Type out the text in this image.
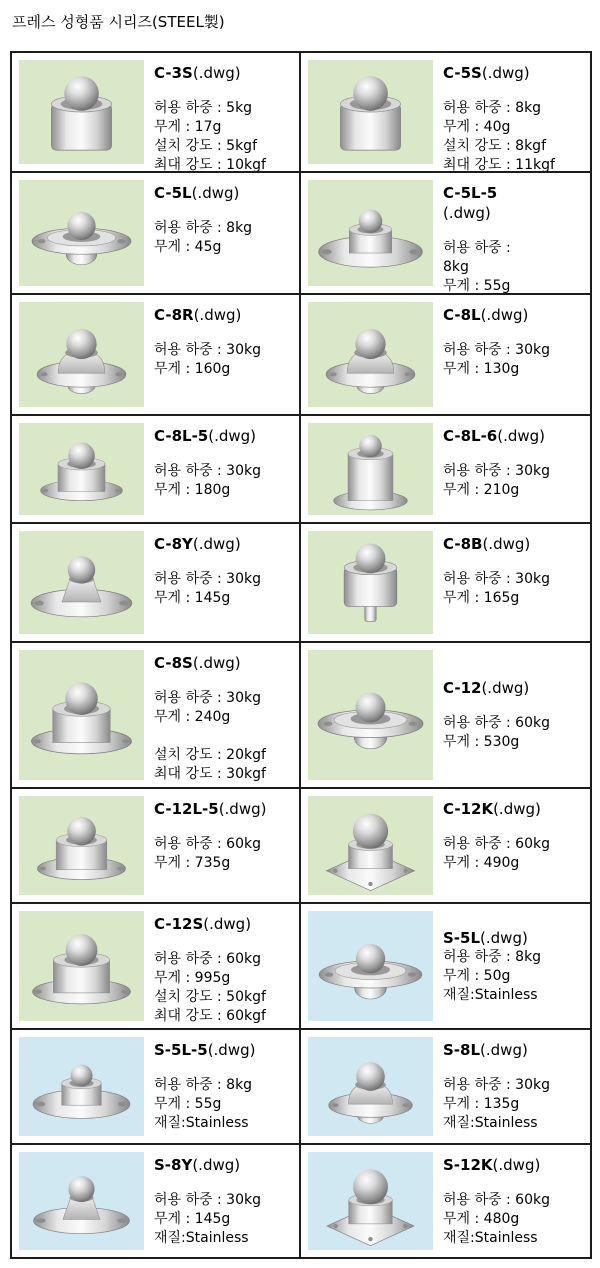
프레스 성형품 시리즈(STEEL製)
C-3S(.dwg)
허용 하중 : 5kg
무게 : 17g
설치 강도 : 5kgf
최대 강도 : 10kgf
C-5S(.dwg)
허용 하중 : 8kg
무게 : 40g
설치 강도 : 8kgf
최대 강도 : 11kgf
C-5L(.dwg)
허용 하중 : 8kg
무게 : 45g
C-5L-5
(.dwg)
허용 하중 :
8kg
무게 : 55g
C-8R(.dwg)
허용 하중 : 30kg
무게 : 160g
C-8L(.dwg)
허용 하중 : 30kg
무게 : 130g
C-8L-5(.dwg)
허용 하중 : 30kg
무게 : 180g
C-8L-6(.dwg)
허용 하중 : 30kg
무게 : 210g
C-8Y(.dwg)
허용 하중 : 30kg
무게 : 145g
C-8B(.dwg)
허용 하중 : 30kg
무게 : 165g
C-8S(.dwg)
허용 하중 : 30kg
무게 : 240g
설치 강도 : 20kgf
최대 강도 : 30kgf
C-12(.dwg)
허용 하중 : 60kg
무게 : 530g
C-12L-5(.dwg)
허용 하중 : 60kg
무게 : 735g
C-12K(.dwg)
허용 하중 : 60kg
무게 : 490g
C-12S(.dwg)
허용 하중 : 60kg
무게 : 995g
설치 강도 : 50kgf
최대 강도 : 60kgf
S-5L(.dwg)
허용 하중 : 8kg
무게 : 50g
재질:Stainless
S-5L-5(.dwg)
허용 하중 : 8kg
무게 : 55g
재질:Stainless
S-8L(.dwg)
허용 하중 : 30kg
무게 : 135g
재질:Stainless
S-8Y(.dwg)
허용 하중 : 30kg
무게 : 145g
재질:Stainless
S-12K(.dwg)
허용 하중 : 60kg
무게 : 480g
재질:Stainless
